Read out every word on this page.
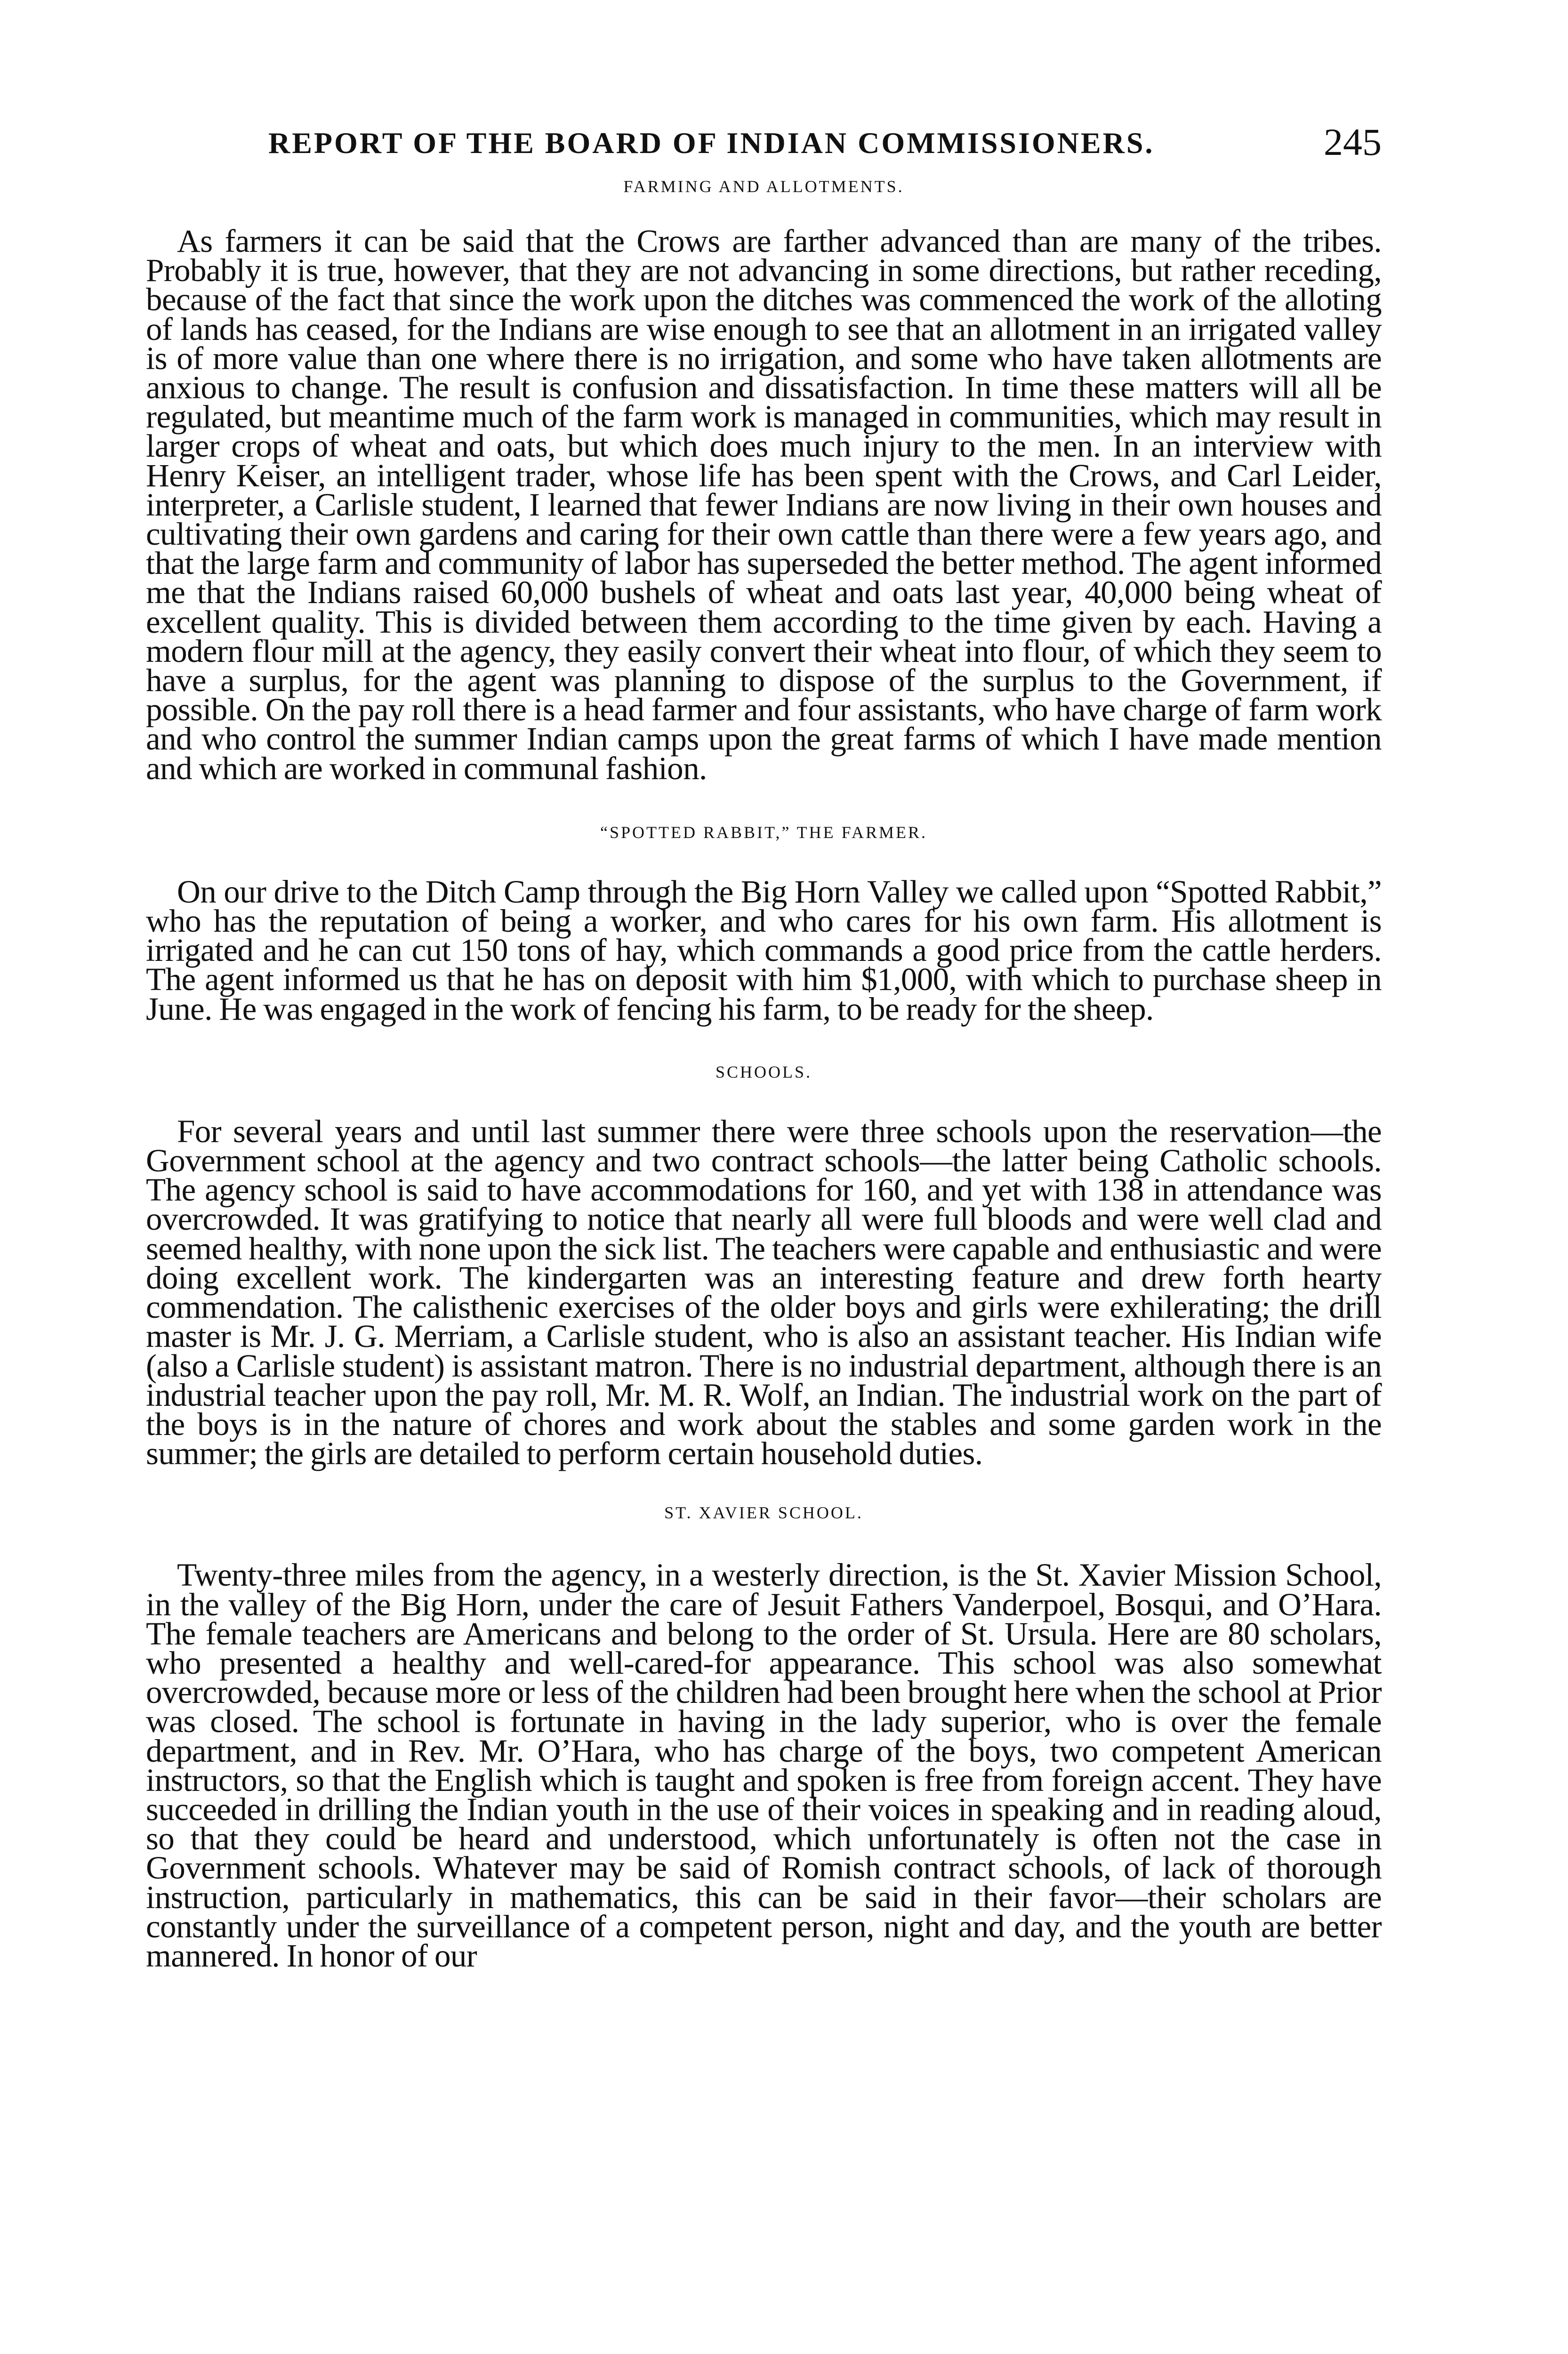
REPORT OF THE BOARD OF INDIAN COMMISSIONERS.	245
FARMING AND ALLOTMENTS.

As farmers it can be said that the Crows are farther advanced than are many of the tribes. Probably it is true, however, that they are not advancing in some directions, but rather receding, because of the fact that since the work upon the ditches was commenced the work of the alloting of lands has ceased, for the Indians are wise enough to see that an allotment in an irrigated valley is of more value than one where there is no irrigation, and some who have taken allotments are anxious to change. The result is confusion and dissatisfaction. In time these matters will all be regulated, but meantime much of the farm work is managed in communities, which may result in larger crops of wheat and oats, but which does much injury to the men. In an interview with Henry Keiser, an intelligent trader, whose life has been spent with the Crows, and Carl Leider, interpreter, a Carlisle student, I learned that fewer Indians are now living in their own houses and cultivating their own gardens and caring for their own cattle than there were a few years ago, and that the large farm and community of labor has superseded the better method. The agent informed me that the Indians raised 60,000 bushels of wheat and oats last year, 40,000 being wheat of excellent quality. This is divided between them according to the time given by each. Having a modern flour mill at the agency, they easily convert their wheat into flour, of which they seem to have a surplus, for the agent was planning to dispose of the surplus to the Government, if possible. On the pay roll there is a head farmer and four assistants, who have charge of farm work and who control the summer Indian camps upon the great farms of which I have made mention and which are worked in communal fashion.

“SPOTTED RABBIT,” THE FARMER.

On our drive to the Ditch Camp through the Big Horn Valley we called upon “Spotted Rabbit,” who has the reputation of being a worker, and who cares for his own farm. His allotment is irrigated and he can cut 150 tons of hay, which commands a good price from the cattle herders. The agent informed us that he has on deposit with him $1,000, with which to purchase sheep in June. He was engaged in the work of fencing his farm, to be ready for the sheep.

SCHOOLS.

For several years and until last summer there were three schools upon the reservation—the Government school at the agency and two contract schools—the latter being Catholic schools. The agency school is said to have accommodations for 160, and yet with 138 in attendance was overcrowded. It was gratifying to notice that nearly all were full bloods and were well clad and seemed healthy, with none upon the sick list. The teachers were capable and enthusiastic and were doing excellent work. The kindergarten was an interesting feature and drew forth hearty commendation. The calisthenic exercises of the older boys and girls were exhilerating; the drill master is Mr. J. G. Merriam, a Carlisle student, who is also an assistant teacher. His Indian wife (also a Carlisle student) is assistant matron. There is no industrial department, although there is an industrial teacher upon the pay roll, Mr. M. R. Wolf, an Indian. The industrial work on the part of the boys is in the nature of chores and work about the stables and some garden work in the summer; the girls are detailed to perform certain household duties.

ST. XAVIER SCHOOL.

Twenty-three miles from the agency, in a westerly direction, is the St. Xavier Mission School, in the valley of the Big Horn, under the care of Jesuit Fathers Vanderpoel, Bosqui, and O’Hara. The female teachers are Americans and belong to the order of St. Ursula. Here are 80 scholars, who presented a healthy and well-cared-for appearance. This school was also somewhat overcrowded, because more or less of the children had been brought here when the school at Prior was closed. The school is fortunate in having in the lady superior, who is over the female department, and in Rev. Mr. O’Hara, who has charge of the boys, two competent American instructors, so that the English which is taught and spoken is free from foreign accent. They have succeeded in drilling the Indian youth in the use of their voices in speaking and in reading aloud, so that they could be heard and understood, which unfortunately is often not the case in Government schools. Whatever may be said of Romish contract schools, of lack of thorough instruction, particularly in mathematics, this can be said in their favor—their scholars are constantly under the surveillance of a competent person, night and day, and the youth are better mannered. In honor of our
